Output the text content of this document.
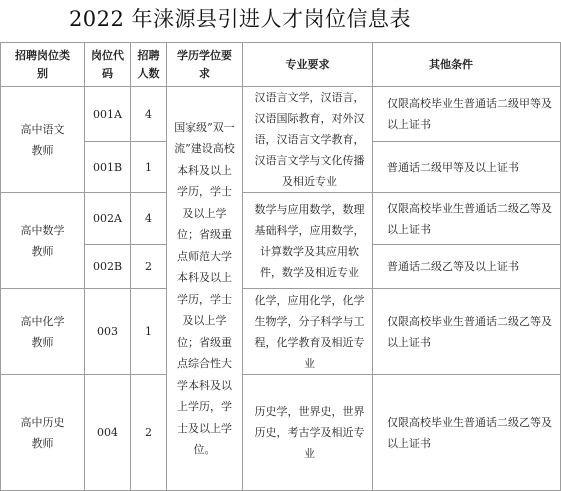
2022 年涞源县引进人才岗位信息表
招聘岗位类 别	岗位代码	招聘人数	学历学位要求	专业要求	其他条件

高中语文教师	001A	4	国家级”双一流”建设高校本科及以上学历，学士及以上学位；省级重点师范大学本科及以上学历，学士及以上学位；省级重点综合性大学本科及以上学历，学士及以上学位。	汉语言文学，汉语言，汉语国际教育，对外汉语，汉语言文学教育，汉语言文学与文化传播及相近专业	仅限高校毕业生普通话二级甲等及以上证书

	001B	1			普通话二级甲等及以上证书

高中数学教师	002A	4		数学与应用数学，数理基础科学，应用数学，计算数学及其应用软件，数学及相近专业	仅限高校毕业生普通话二级乙等及以上证书

	002B	2			普通话二级乙等及以上证书

高中化学教师	003	1		化学，应用化学，化学生物学，分子科学与工程，化学教育及相近专业	仅限高校毕业生普通话二级乙等及以上证书

高中历史教师	004	2		历史学，世界史，世界历史，考古学及相近专业	仅限高校毕业生普通话二级乙等及以上证书
